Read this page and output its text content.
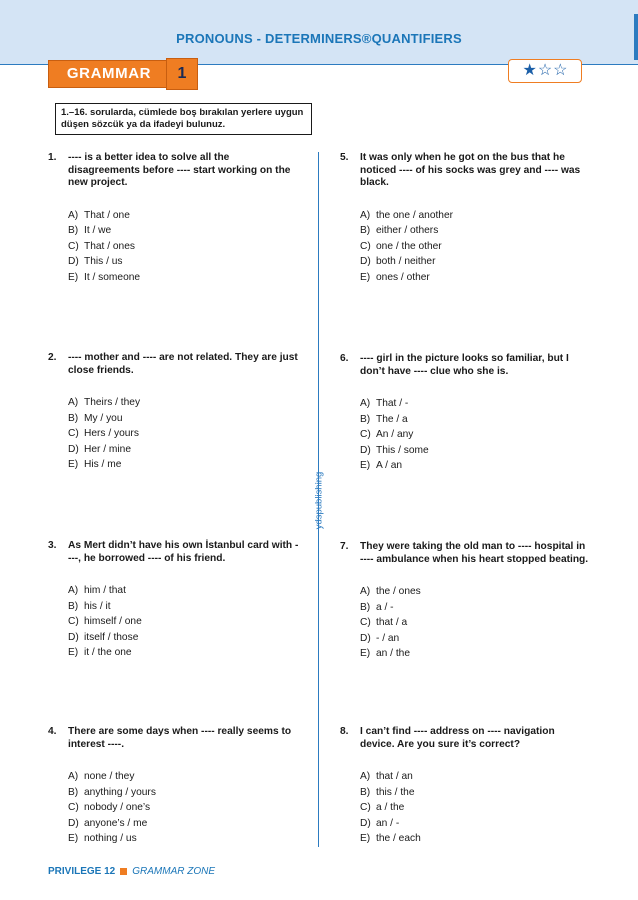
PRONOUNS - DETERMINERS®QUANTIFIERS
GRAMMAR	1	★ ☆ ☆
1.–16. sorularda, cümlede boş bırakılan yerlere uygun düşen sözcük ya da ifadeyi bulunuz.
ydspublishing
1.	---- is a better idea to solve all the disagreements before ---- start working on the new project.
A) That / one
B) It / we
C) That / ones
D) This / us
E) It / someone
2.	---- mother and ---- are not related. They are just close friends.
A) Theirs / they
B) My / you
C) Hers / yours
D) Her / mine
E) His / me
3.	As Mert didn’t have his own İstanbul card with ----, he borrowed ---- of his friend.
A) him / that
B) his / it
C) himself / one
D) itself / those
E) it / the one
4.	There are some days when ---- really seems to interest ----.
A) none / they
B) anything / yours
C) nobody / one’s
D) anyone’s / me
E) nothing / us
5.	It was only when he got on the bus that he noticed ---- of his socks was grey and ---- was black.
A) the one / another
B) either / others
C) one / the other
D) both / neither
E) ones / other
6.	---- girl in the picture looks so familiar, but I don’t have ---- clue who she is.
A) That / -
B) The / a
C) An / any
D) This / some
E) A / an
7.	They were taking the old man to ---- hospital in ---- ambulance when his heart stopped beating.
A) the / ones
B) a / -
C) that / a
D) - / an
E) an / the
8.	I can’t find ---- address on ---- navigation device. Are you sure it’s correct?
A) that / an
B) this / the
C) a / the
D) an / -
E) the / each
PRIVILEGE 12 GRAMMAR ZONE
